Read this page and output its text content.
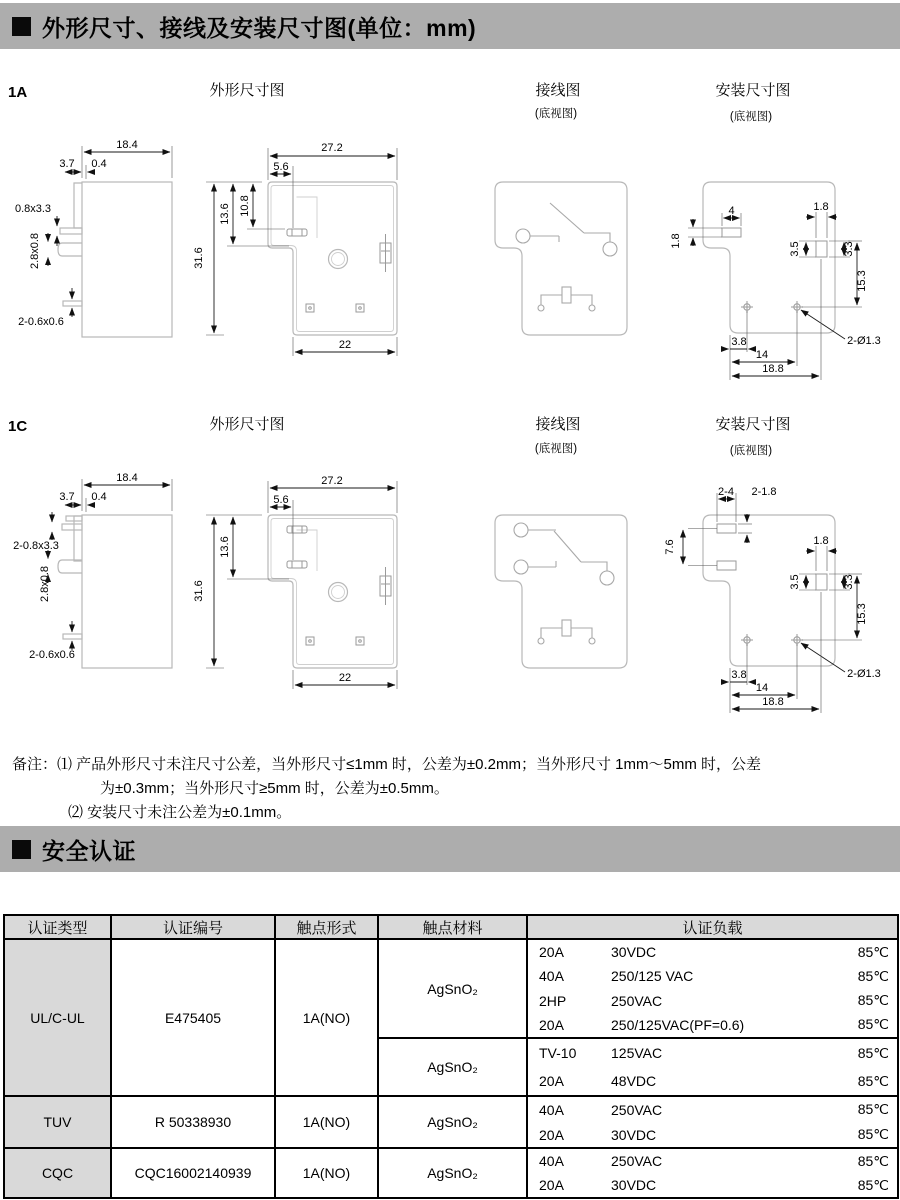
外形尺寸、接线及安装尺寸图(单位：mm)
1A	外形尺寸图	接线图
(底视图)
安装尺寸图
(底视图)
18.4
3.7 0.4
0.8x3.3
2.8x0.8
2-0.6x0.6
31.6
27.2
5.6
13.6 10.8
22
4
1.8
1.8
3.5	3.3
15.3
2-Ø1.3
3.8
14
18.8
1C	外形尺寸图	接线图
(底视图)
安装尺寸图
(底视图)
18.4
3.7 0.4
2-0.8x3.3
2.8x0.8
2-0.6x0.6
31.6
27.2
5.6
13.6
22
2-4 2-1.8
7.6	1.8
3.5	3.3
15.3
2-Ø1.3
3.8
14
18.8
备注：⑴ 产品外形尺寸未注尺寸公差，当外形尺寸≤1mm 时，公差为±0.2mm；当外形尺寸 1mm～5mm 时，公差
为±0.3mm；当外形尺寸≥5mm 时，公差为±0.5mm。
⑵ 安装尺寸未注公差为±0.1mm。
安全认证
认证类型	认证编号	触点形式	触点材料	认证负载
UL/C-UL	E475405	1A(NO)	AgSnO₂	
20A	30VDC	85℃
40A	250/125 VAC	85℃
2HP	250VAC	85℃
20A	250/125VAC(PF=0.6)	85℃

AgSnO₂	
TV-10	125VAC	85℃
20A	48VDC	85℃

TUV	R 50338930	1A(NO)	AgSnO₂	
40A	250VAC	85℃
20A	30VDC	85℃

CQC	CQC16002140939	1A(NO)	AgSnO₂	
40A	250VAC	85℃
20A	30VDC	85℃
